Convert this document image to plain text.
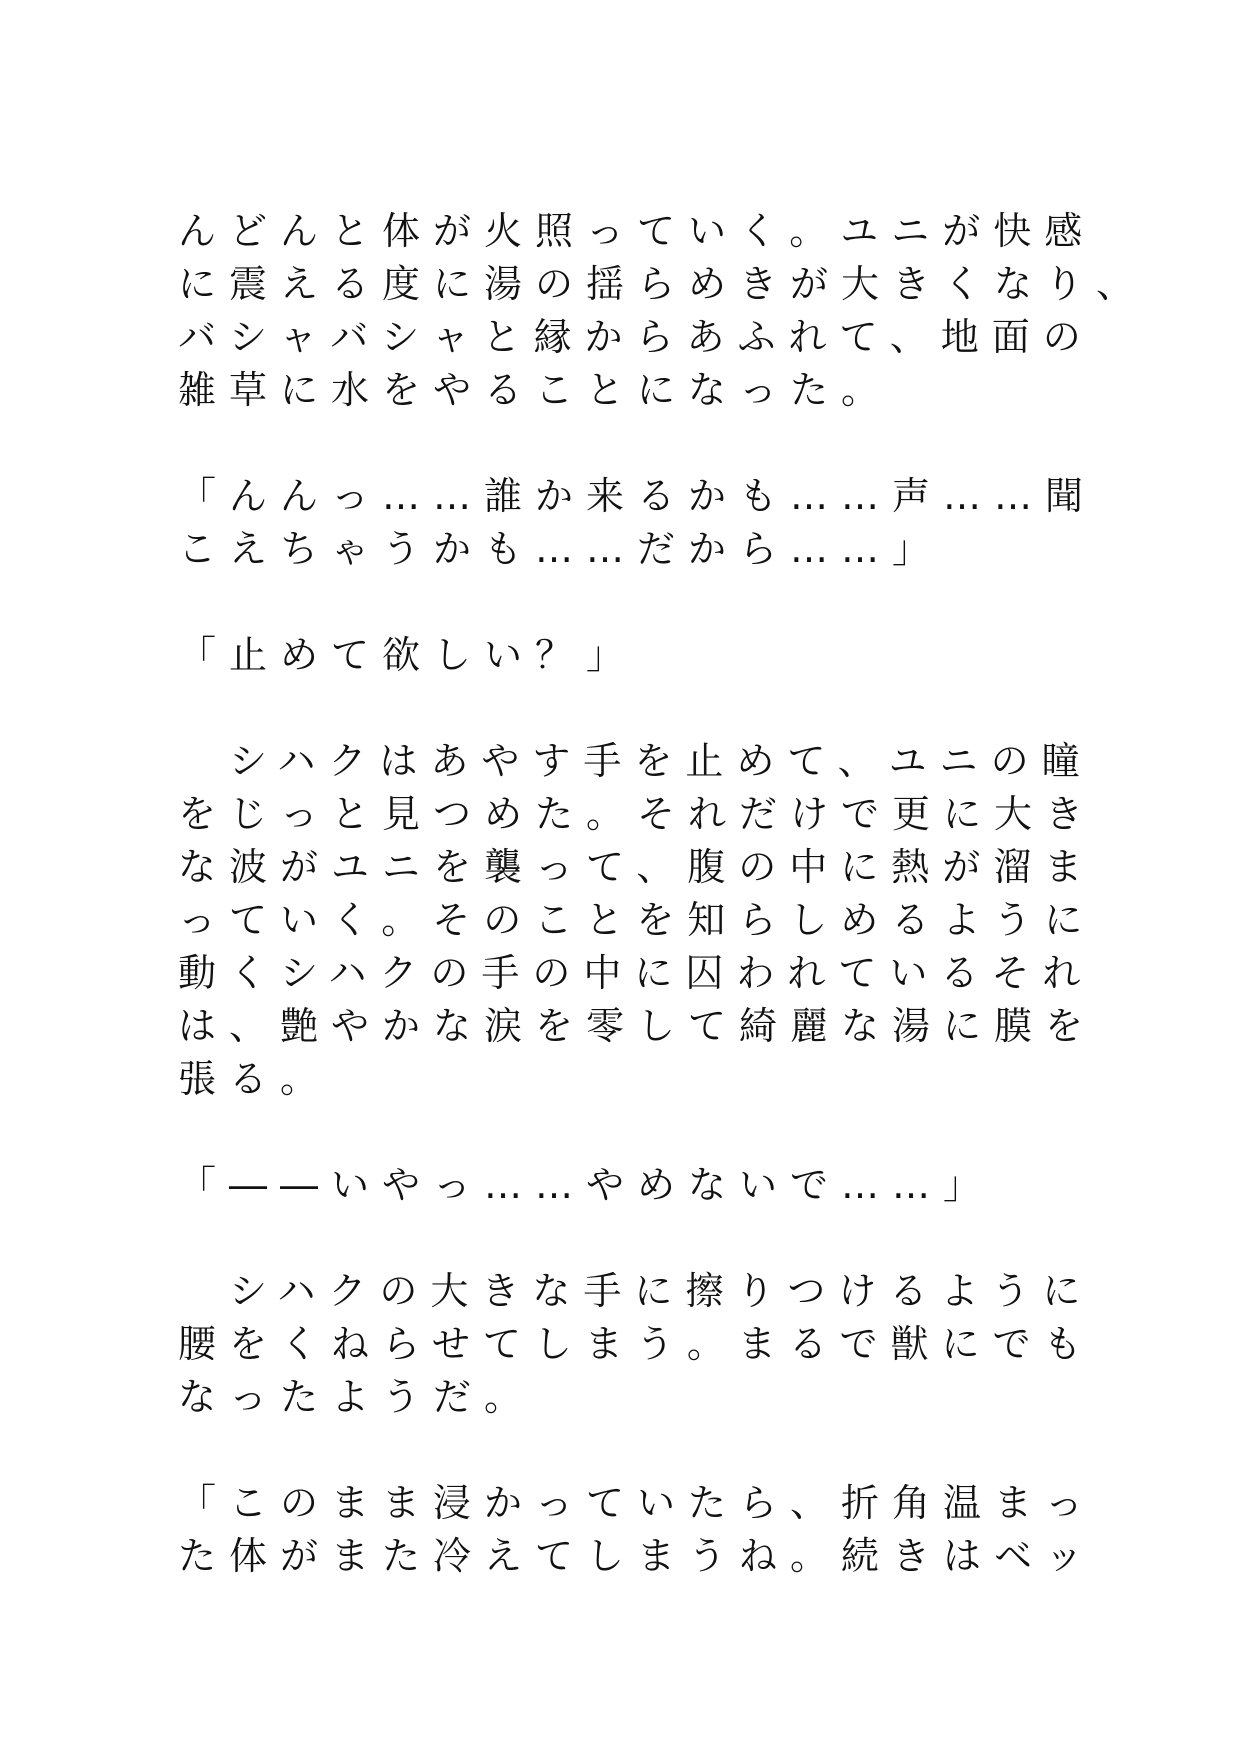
んどんと体が火照っていく。ユニが快感
に震える度に湯の揺らめきが大きくなり、
バシャバシャと縁からあふれて、地面の
雑草に水をやることになった。
「んんっ……誰か来るかも……声……聞
こえちゃうかも……だから……」
「止めて欲しい？」
　シハクはあやす手を止めて、ユニの瞳
をじっと見つめた。それだけで更に大き
な波がユニを襲って、腹の中に熱が溜ま
っていく。そのことを知らしめるように
動くシハクの手の中に囚われているそれ
は、艶やかな涙を零して綺麗な湯に膜を
張る。
「――いやっ……やめないで……」
　シハクの大きな手に擦りつけるように
腰をくねらせてしまう。まるで獣にでも
なったようだ。
「このまま浸かっていたら、折角温まっ
た体がまた冷えてしまうね。続きはベッ
